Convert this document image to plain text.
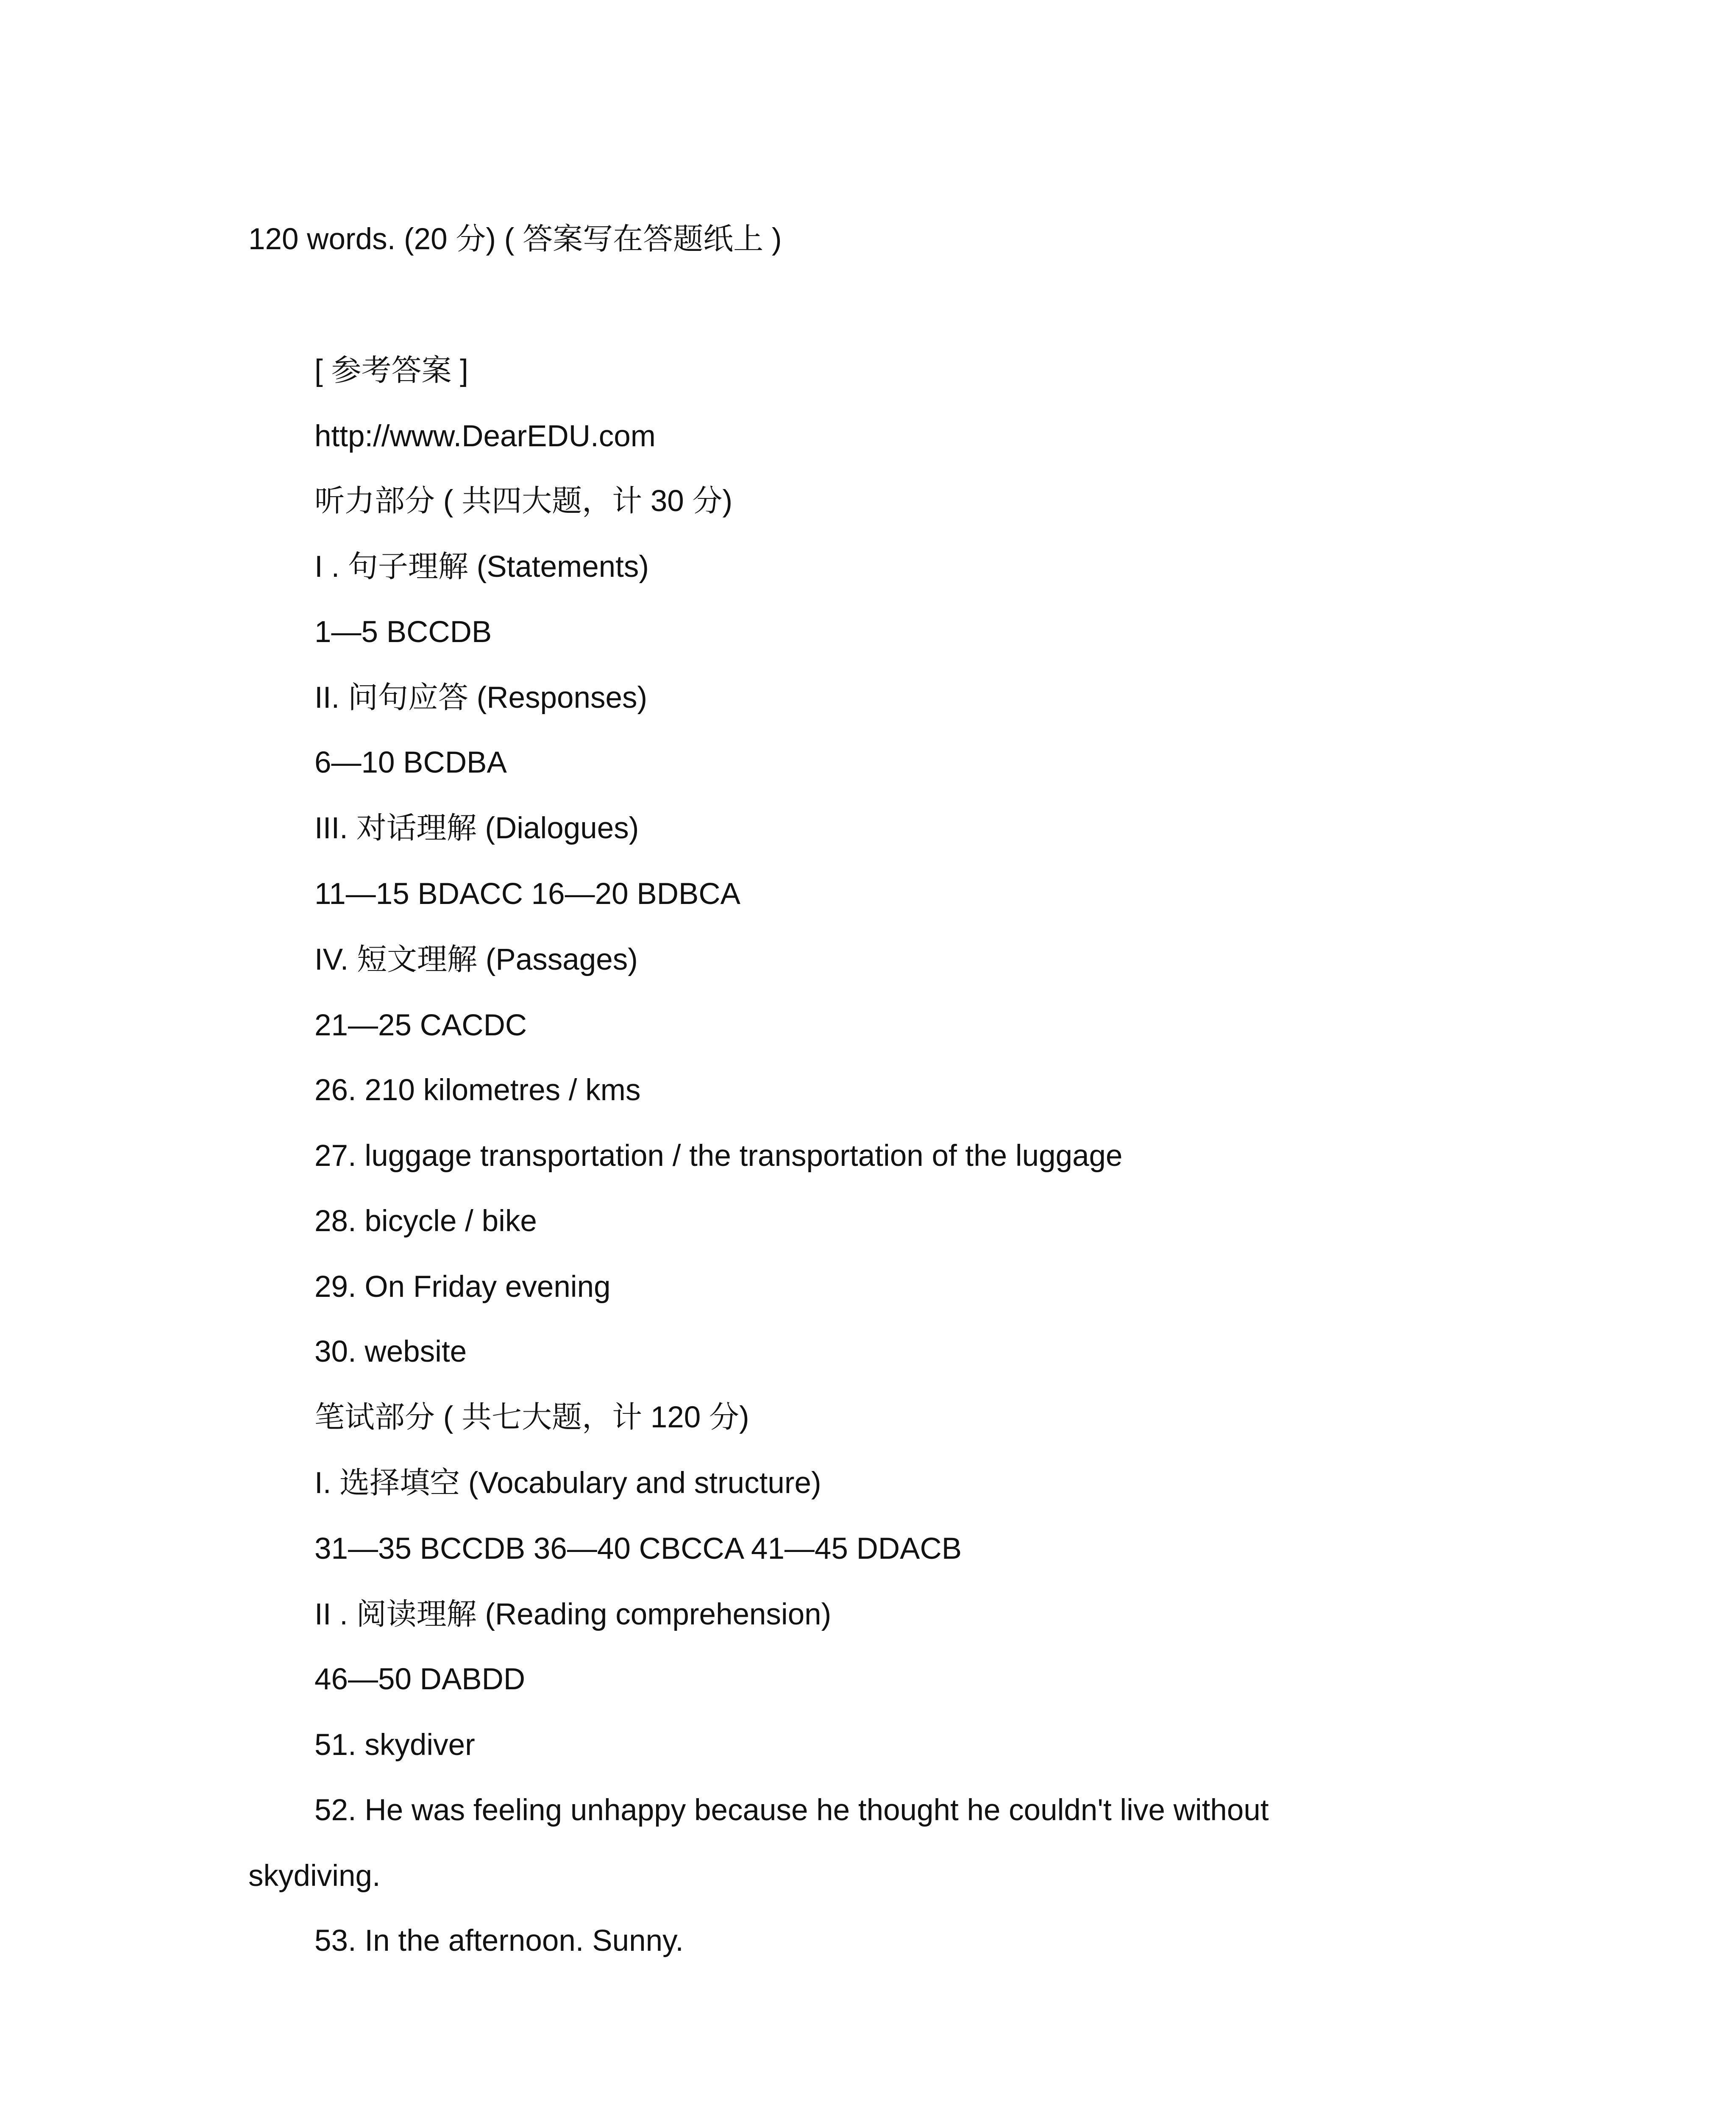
120 words. (20 分) ( 答案写在答题纸上 )

[ 参考答案 ]

http://www.DearEDU.com

听力部分 ( 共四大题，计 30 分)

I . 句子理解 (Statements)

1—5 BCCDB

II. 问句应答 (Responses)

6—10 BCDBA

III. 对话理解 (Dialogues)

11—15 BDACC 16—20 BDBCA

IV. 短文理解 (Passages)

21—25 CACDC

26. 210 kilometres / kms

27. luggage transportation / the transportation of the luggage

28. bicycle / bike

29. On Friday evening

30. website

笔试部分 ( 共七大题，计 120 分)

I. 选择填空 (Vocabulary and structure)

31—35 BCCDB 36—40 CBCCA 41—45 DDACB

II . 阅读理解 (Reading comprehension)

46—50 DABDD

51. skydiver

52. He was feeling unhappy because he thought he couldn't live without

skydiving.

53. In the afternoon. Sunny.
